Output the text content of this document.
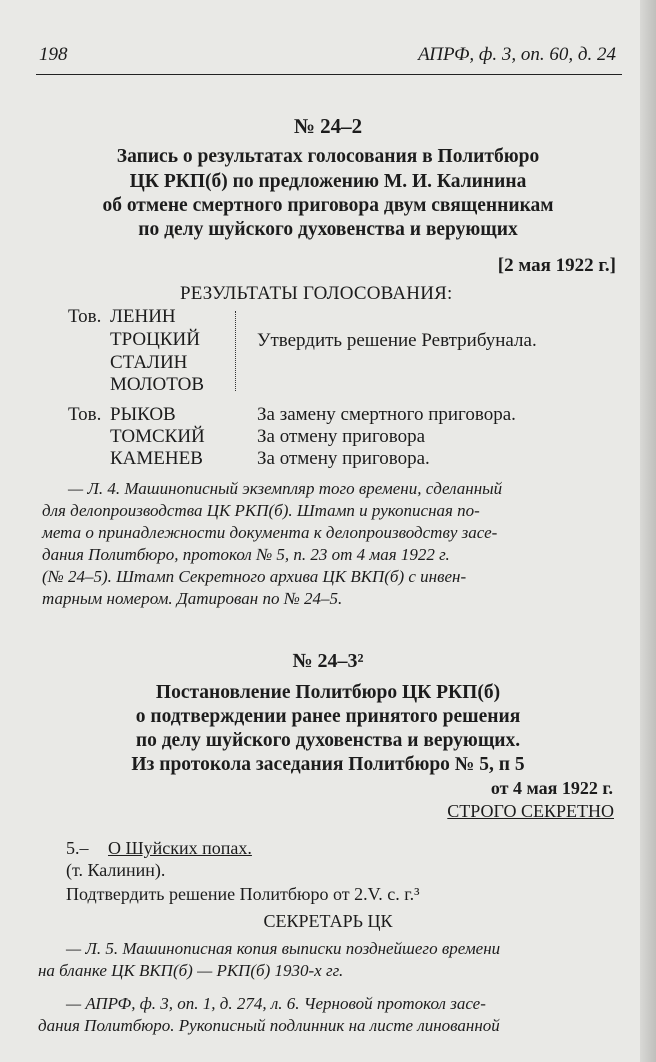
198	АПРФ, ф. 3, оп. 60, д. 24
№ 24–2
Запись о результатах голосования в Политбюро
ЦК РКП(б) по предложению М. И. Калинина
об отмене смертного приговора двум священникам
по делу шуйского духовенства и верующих
[2 мая 1922 г.]
РЕЗУЛЬТАТЫ ГОЛОСОВАНИЯ:
Тов. ЛЕНИН
ТРОЦКИЙ
СТАЛИН
МОЛОТОВ
Утвердить решение Ревтрибунала.
Тов. РЫКОВ	За замену смертного приговора.
ТОМСКИЙ	За отмену приговора
КАМЕНЕВ	За отмену приговора.
— Л. 4. Машинописный экземпляр того времени, сделанный
для делопроизводства ЦК РКП(б). Штамп и рукописная по-
мета о принадлежности документа к делопроизводству засе-
дания Политбюро, протокол № 5, п. 23 от 4 мая 1922 г.
(№ 24–5). Штамп Секретного архива ЦК ВКП(б) с инвен-
тарным номером. Датирован по № 24–5.
№ 24–3²
Постановление Политбюро ЦК РКП(б)
о подтверждении ранее принятого решения
по делу шуйского духовенства и верующих.
Из протокола заседания Политбюро № 5, п 5
от 4 мая 1922 г.
СТРОГО СЕКРЕТНО
5.– О Шуйских попах.
(т. Калинин).
Подтвердить решение Политбюро от 2.V. с. г.³
СЕКРЕТАРЬ ЦК
— Л. 5. Машинописная копия выписки позднейшего времени
на бланке ЦК ВКП(б) — РКП(б) 1930-х гг.
— АПРФ, ф. 3, оп. 1, д. 274, л. 6. Черновой протокол засе-
дания Политбюро. Рукописный подлинник на листе линованной
